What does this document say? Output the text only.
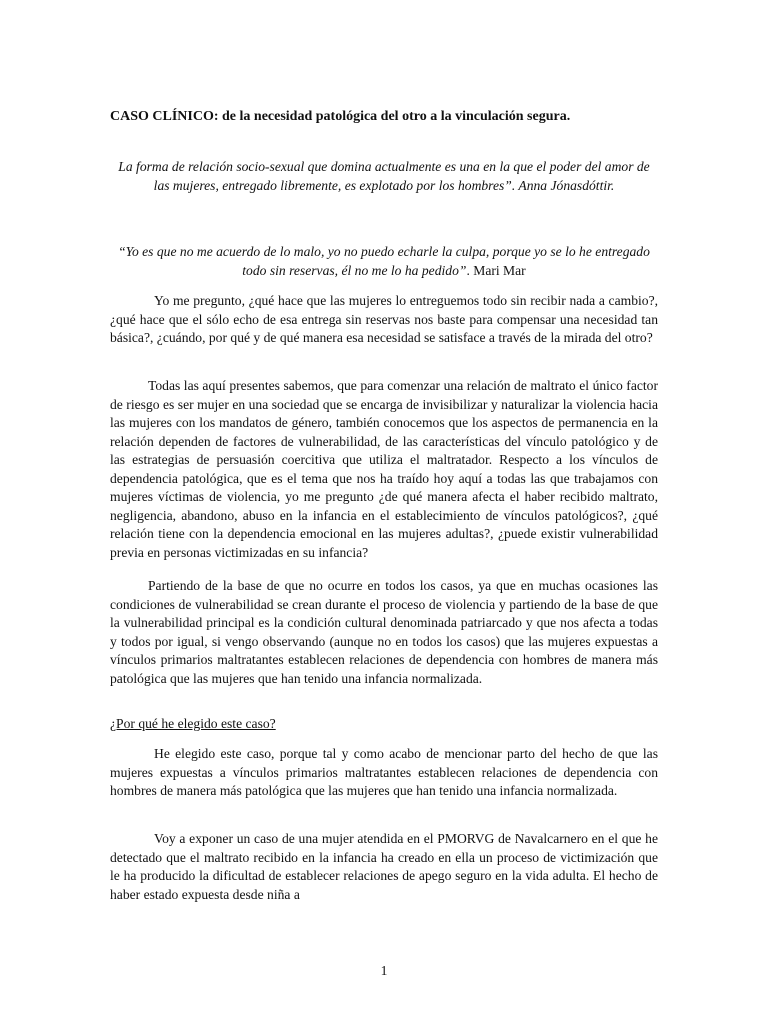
CASO CLÍNICO: de la necesidad patológica del otro a la vinculación segura.
La forma de relación socio-sexual que domina actualmente es una en la que el poder del amor de las mujeres, entregado libremente, es explotado por los hombres”. Anna Jónasdóttir.
“Yo es que no me acuerdo de lo malo, yo no puedo echarle la culpa, porque yo se lo he entregado todo sin reservas, él no me lo ha pedido”. Mari Mar

Yo me pregunto, ¿qué hace que las mujeres lo entreguemos todo sin recibir nada a cambio?, ¿qué hace que el sólo echo de esa entrega sin reservas nos baste para compensar una necesidad tan básica?, ¿cuándo, por qué y de qué manera esa necesidad se satisface a través de la mirada del otro?

Todas las aquí presentes sabemos, que para comenzar una relación de maltrato el único factor de riesgo es ser mujer en una sociedad que se encarga de invisibilizar y naturalizar la violencia hacia las mujeres con los mandatos de género, también conocemos que los aspectos de permanencia en la relación dependen de factores de vulnerabilidad, de las características del vínculo patológico y de las estrategias de persuasión coercitiva que utiliza el maltratador. Respecto a los vínculos de dependencia patológica, que es el tema que nos ha traído hoy aquí a todas las que trabajamos con mujeres víctimas de violencia, yo me pregunto ¿de qué manera afecta el haber recibido maltrato, negligencia, abandono, abuso en la infancia en el establecimiento de vínculos patológicos?, ¿qué relación tiene con la dependencia emocional en las mujeres adultas?, ¿puede existir vulnerabilidad previa en personas victimizadas en su infancia?

Partiendo de la base de que no ocurre en todos los casos, ya que en muchas ocasiones las condiciones de vulnerabilidad se crean durante el proceso de violencia y partiendo de la base de que la vulnerabilidad principal es la condición cultural denominada patriarcado y que nos afecta a todas y todos por igual, si vengo observando (aunque no en todos los casos) que las mujeres expuestas a vínculos primarios maltratantes establecen relaciones de dependencia con hombres de manera más patológica que las mujeres que han tenido una infancia normalizada.

¿Por qué he elegido este caso?

He elegido este caso, porque tal y como acabo de mencionar parto del hecho de que las mujeres expuestas a vínculos primarios maltratantes establecen relaciones de dependencia con hombres de manera más patológica que las mujeres que han tenido una infancia normalizada.

Voy a exponer un caso de una mujer atendida en el PMORVG de Navalcarnero en el que he detectado que el maltrato recibido en la infancia ha creado en ella un proceso de victimización que le ha producido la dificultad de establecer relaciones de apego seguro en la vida adulta. El hecho de haber estado expuesta desde niña a

1
